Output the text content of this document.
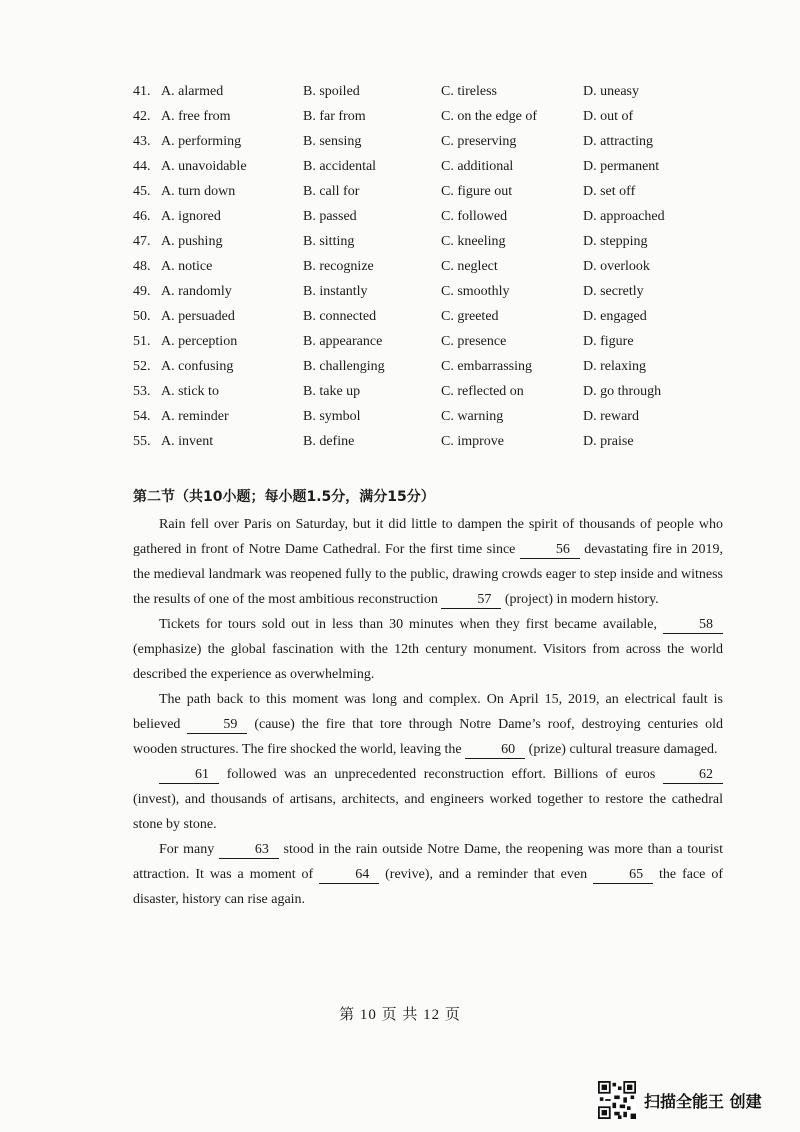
41. A. alarmed	B. spoiled	C. tireless	D. uneasy
42. A. free from	B. far from	C. on the edge of	D. out of
43. A. performing	B. sensing	C. preserving	D. attracting
44. A. unavoidable	B. accidental	C. additional	D. permanent
45. A. turn down	B. call for	C. figure out	D. set off
46. A. ignored	B. passed	C. followed	D. approached
47. A. pushing	B. sitting	C. kneeling	D. stepping
48. A. notice	B. recognize	C. neglect	D. overlook
49. A. randomly	B. instantly	C. smoothly	D. secretly
50. A. persuaded	B. connected	C. greeted	D. engaged
51. A. perception	B. appearance	C. presence	D. figure
52. A. confusing	B. challenging	C. embarrassing	D. relaxing
53. A. stick to	B. take up	C. reflected on	D. go through
54. A. reminder	B. symbol	C. warning	D. reward
55. A. invent	B. define	C. improve	D. praise
第二节（共10小题；每小题1.5分，满分15分）

Rain fell over Paris on Saturday, but it did little to dampen the spirit of thousands of people who gathered in front of Notre Dame Cathedral. For the first time since	56 devastating fire in 2019, the medieval landmark was reopened fully to the public, drawing crowds eager to step inside and witness the results of one of the most ambitious reconstruction	57 (project) in modern history.

Tickets for tours sold out in less than 30 minutes when they first became available,	58 (emphasize) the global fascination with the 12th century monument. Visitors from across the world described the experience as overwhelming.

The path back to this moment was long and complex. On April 15, 2019, an electrical fault is believed	59 (cause) the fire that tore through Notre Dame’s roof, destroying centuries old wooden structures. The fire shocked the world, leaving the	60 (prize) cultural treasure damaged.

61 followed was an unprecedented reconstruction effort. Billions of euros	62 (invest), and thousands of artisans, architects, and engineers worked together to restore the cathedral stone by stone.

For many	63 stood in the rain outside Notre Dame, the reopening was more than a tourist attraction. It was a moment of	64 (revive), and a reminder that even	65 the face of disaster, history can rise again.

第 10 页 共 12 页
扫描全能王 创建
